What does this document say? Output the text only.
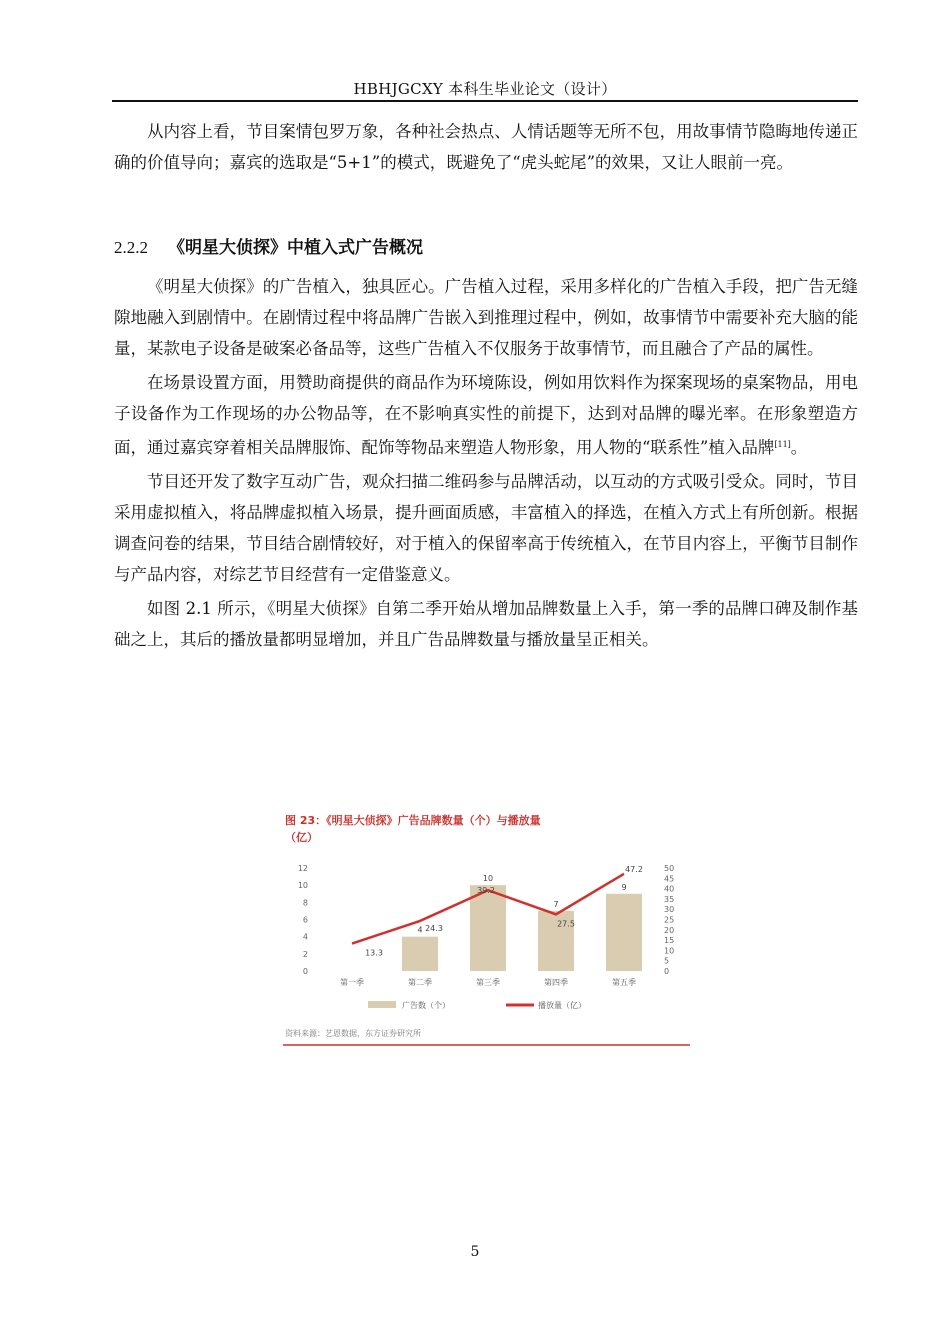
HBHJGCXY 本科生毕业论文（设计）

从内容上看，节目案情包罗万象，各种社会热点、人情话题等无所不包，用故事情节隐晦地传递正确的价值导向；嘉宾的选取是“5+1”的模式，既避免了“虎头蛇尾”的效果，又让人眼前一亮。

2.2.2 《明星大侦探》中植入式广告概况

《明星大侦探》的广告植入，独具匠心。广告植入过程，采用多样化的广告植入手段，把广告无缝隙地融入到剧情中。在剧情过程中将品牌广告嵌入到推理过程中，例如，故事情节中需要补充大脑的能量，某款电子设备是破案必备品等，这些广告植入不仅服务于故事情节，而且融合了产品的属性。

在场景设置方面，用赞助商提供的商品作为环境陈设，例如用饮料作为探案现场的桌案物品，用电子设备作为工作现场的办公物品等，在不影响真实性的前提下，达到对品牌的曝光率。在形象塑造方面，通过嘉宾穿着相关品牌服饰、配饰等物品来塑造人物形象，用人物的“联系性”植入品牌[11]。

节目还开发了数字互动广告，观众扫描二维码参与品牌活动，以互动的方式吸引受众。同时，节目采用虚拟植入，将品牌虚拟植入场景，提升画面质感，丰富植入的择选，在植入方式上有所创新。根据调查问卷的结果，节目结合剧情较好，对于植入的保留率高于传统植入，在节目内容上，平衡节目制作与产品内容，对综艺节目经营有一定借鉴意义。

如图 2.1 所示，《明星大侦探》自第二季开始从增加品牌数量上入手，第一季的品牌口碑及制作基础之上，其后的播放量都明显增加，并且广告品牌数量与播放量呈正相关。

图 23：《明星大侦探》广告品牌数量（个）与播放量
（亿）
0
2
4
6
8
10
12
0
5
10
15
20
25
30
35
40
45
50
4
10
7
9
13.3
24.3
39.2
27.5
47.2
第一季	第二季	第三季	第四季	第五季
广告数（个）	播放量（亿）
资料来源：艺恩数据，东方证券研究所
5
